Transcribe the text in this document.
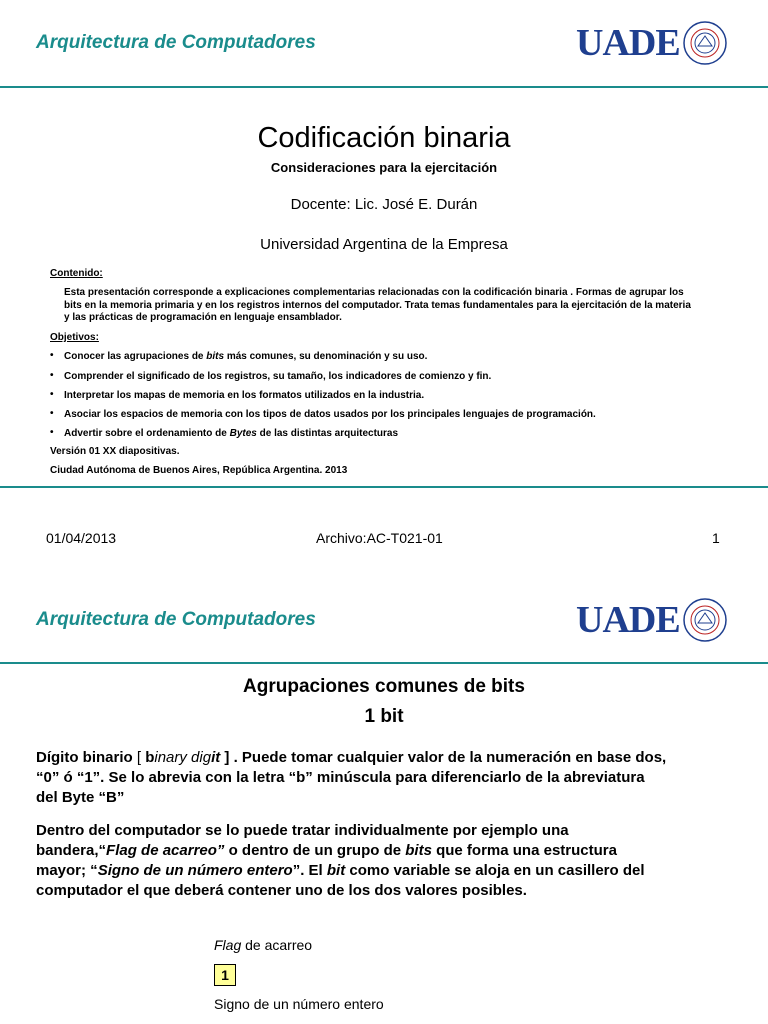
Arquitectura de Computadores	UADE
Codificación binaria
Consideraciones para la ejercitación
Docente: Lic. José E. Durán
Universidad Argentina de la Empresa
Contenido:
Esta presentación corresponde a explicaciones complementarias relacionadas con la codificación binaria . Formas de agrupar los
bits en la memoria primaria y en los registros internos del computador. Trata temas fundamentales para la ejercitación de la materia
y las prácticas de programación en lenguaje ensamblador.
Objetivos:
• Conocer las agrupaciones de bits más comunes, su denominación y su uso.
• Comprender el significado de los registros, su tamaño, los indicadores de comienzo y fin.
• Interpretar los mapas de memoria en los formatos utilizados en la industria.
• Asociar los espacios de memoria con los tipos de datos usados por los principales lenguajes de programación.
• Advertir sobre el ordenamiento de Bytes de las distintas arquitecturas
Versión 01 XX diapositivas.
Ciudad Autónoma de Buenos Aires, República Argentina. 2013
01/04/2013	Archivo:AC-T021-01	1
Arquitectura de Computadores	UADE
Agrupaciones comunes de bits
1 bit
Dígito binario [ binary digit ] . Puede tomar cualquier valor de la numeración en base dos,
“0” ó “1”. Se lo abrevia con la letra “b” minúscula para diferenciarlo de la abreviatura
del Byte “B”
Dentro del computador se lo puede tratar individualmente por ejemplo una
bandera,“Flag de acarreo” o dentro de un grupo de bits que forma una estructura
mayor; “Signo de un número entero”. El bit como variable se aloja en un casillero del
computador el que deberá contener uno de los dos valores posibles.
Flag de acarreo
1
Signo de un número entero
